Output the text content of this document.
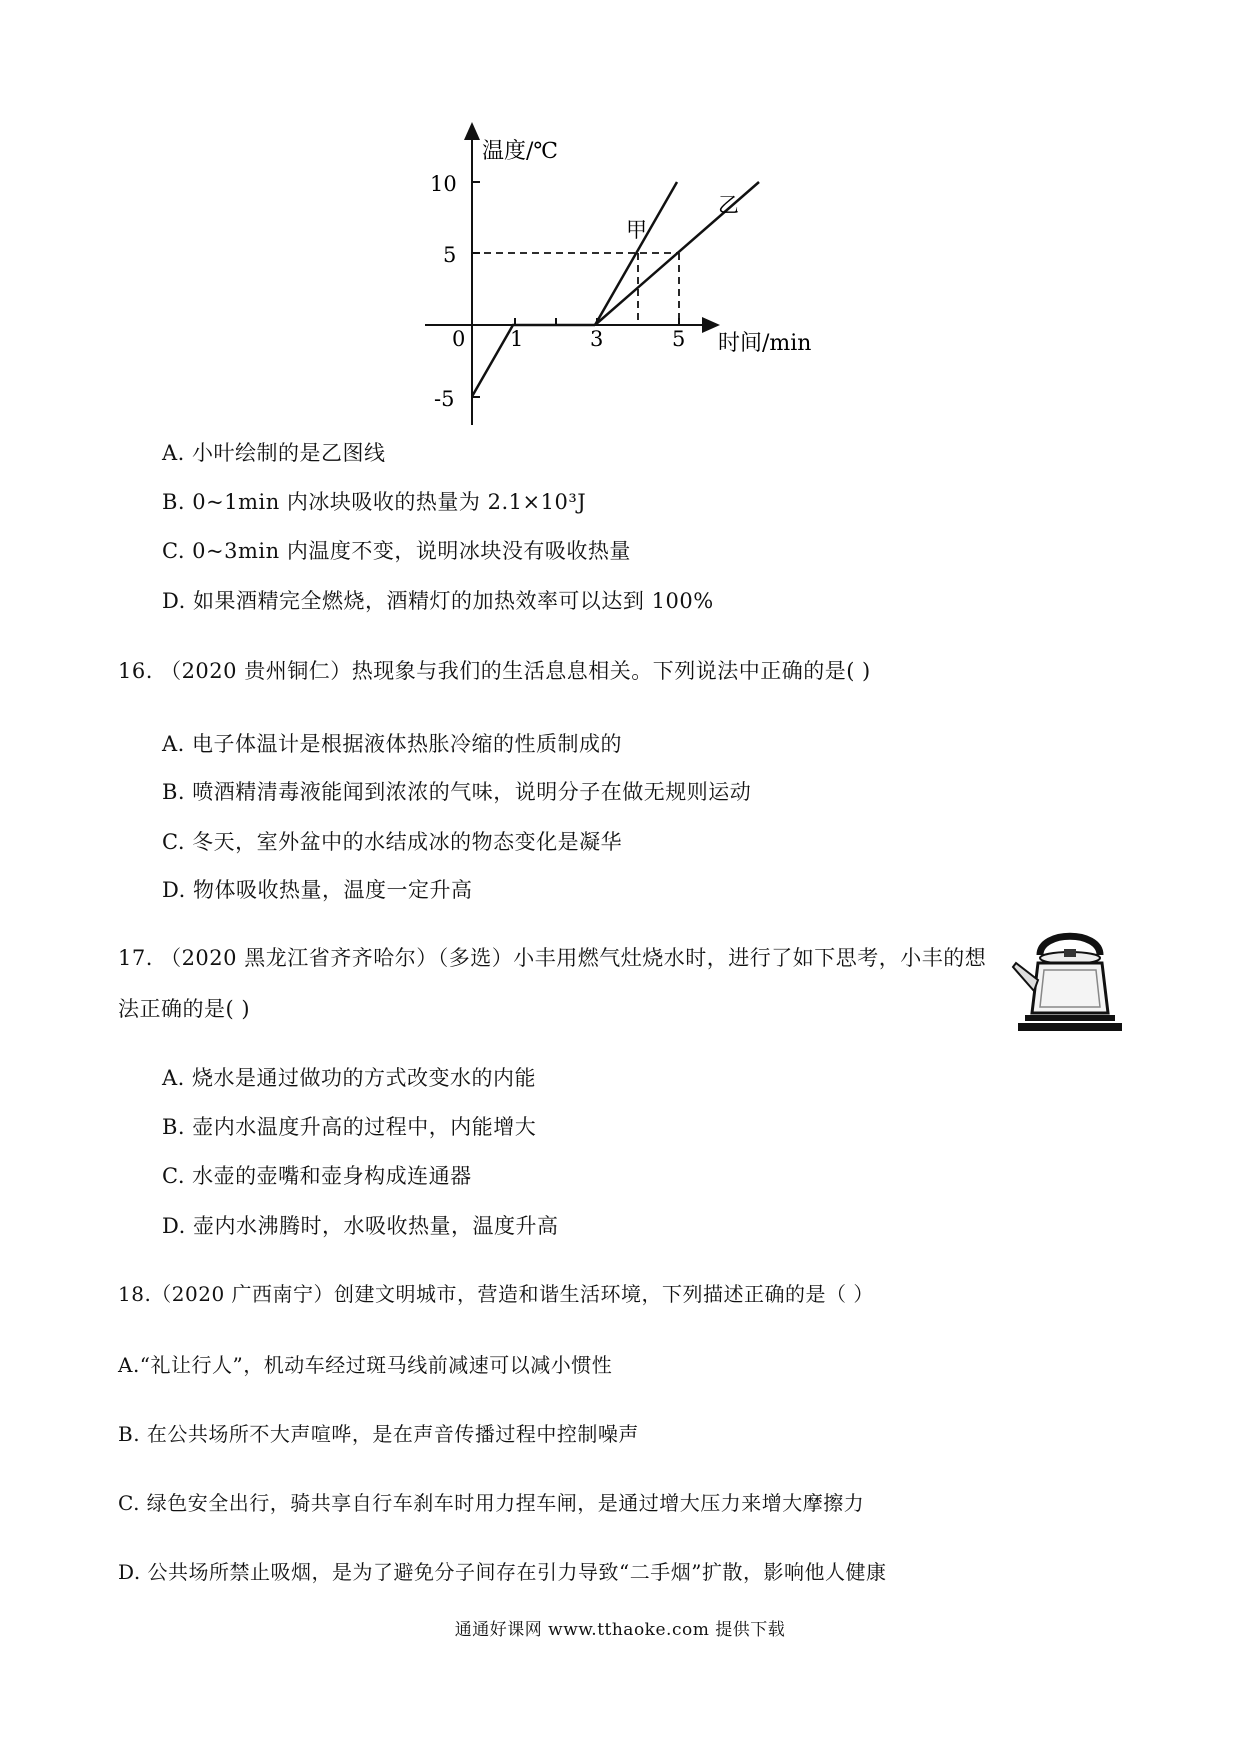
温度/℃
时间/min
10
5
-5
0 1	3	5
甲
乙
A. 小叶绘制的是乙图线
B. 0~1min 内冰块吸收的热量为 2.1×10³J
C. 0~3min 内温度不变，说明冰块没有吸收热量
D. 如果酒精完全燃烧，酒精灯的加热效率可以达到 100%
16. （2020 贵州铜仁）热现象与我们的生活息息相关。下列说法中正确的是( )
A. 电子体温计是根据液体热胀冷缩的性质制成的
B. 喷酒精清毒液能闻到浓浓的气味，说明分子在做无规则运动
C. 冬天，室外盆中的水结成冰的物态变化是凝华
D. 物体吸收热量，温度一定升高
17. （2020 黑龙江省齐齐哈尔）（多选）小丰用燃气灶烧水时，进行了如下思考，小丰的想
法正确的是( )
A. 烧水是通过做功的方式改变水的内能
B. 壶内水温度升高的过程中，内能增大
C. 水壶的壶嘴和壶身构成连通器
D. 壶内水沸腾时，水吸收热量，温度升高
18.（2020 广西南宁）创建文明城市，营造和谐生活环境，下列描述正确的是（ ）
A.“礼让行人”，机动车经过斑马线前减速可以减小惯性
B. 在公共场所不大声喧哗，是在声音传播过程中控制噪声
C. 绿色安全出行，骑共享自行车刹车时用力捏车闸，是通过增大压力来增大摩擦力
D. 公共场所禁止吸烟，是为了避免分子间存在引力导致“二手烟”扩散，影响他人健康
通通好课网 www.tthaoke.com 提供下载
